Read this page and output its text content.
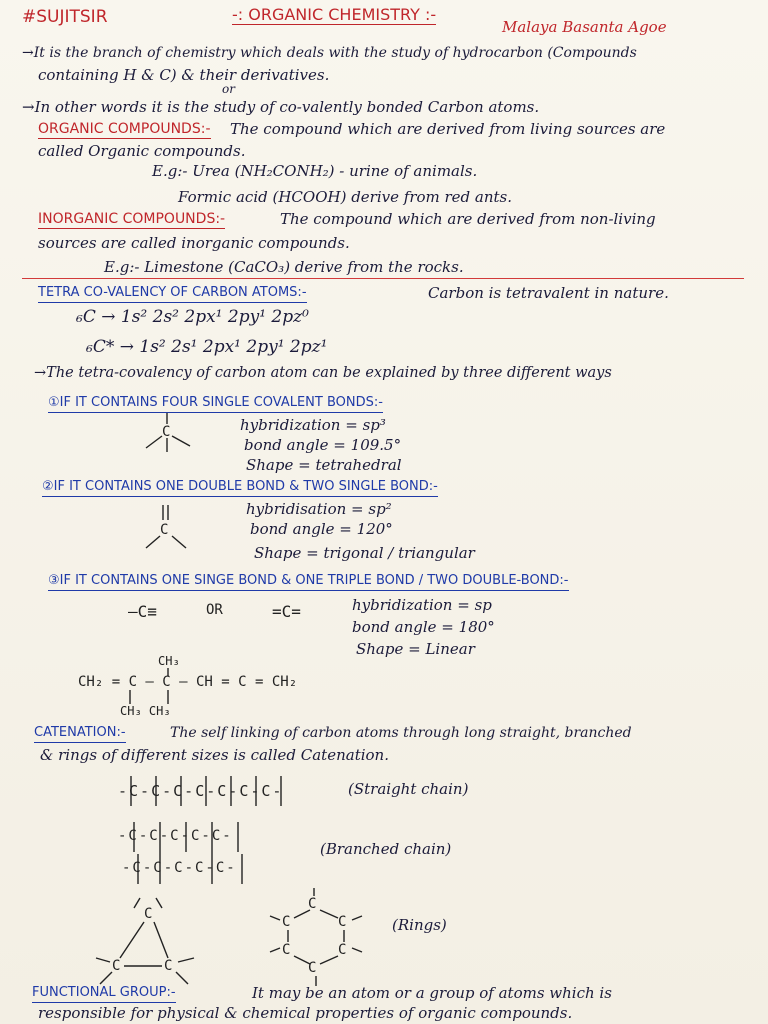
#SUJITSIR	-: ORGANIC CHEMISTRY :-
Malaya Basanta Agoe
→It is the branch of chemistry which deals with the study of hydrocarbon (Compounds
containing H & C) & their derivatives.
or
→In other words it is the study of co-valently bonded Carbon atoms.
ORGANIC COMPOUNDS:- The compound which are derived from living sources are
called Organic compounds.
E.g:- Urea (NH₂CONH₂) - urine of animals.
Formic acid (HCOOH) derive from red ants.
INORGANIC COMPOUNDS:-	The compound which are derived from non-living
sources are called inorganic compounds.
E.g:- Limestone (CaCO₃) derive from the rocks.
TETRA CO-VALENCY OF CARBON ATOMS:-	Carbon is tetravalent in nature.
₆C → 1s² 2s² 2px¹ 2py¹ 2pz⁰
₆C* → 1s² 2s¹ 2px¹ 2py¹ 2pz¹
→The tetra-covalency of carbon atom can be explained by three different ways
①IF IT CONTAINS FOUR SINGLE COVALENT BONDS:-
C	hybridization = sp³
bond angle = 109.5°
Shape = tetrahedral
②IF IT CONTAINS ONE DOUBLE BOND & TWO SINGLE BOND:-
C
hybridisation = sp²
bond angle = 120°
Shape = trigonal / triangular
③IF IT CONTAINS ONE SINGE BOND & ONE TRIPLE BOND / TWO DOUBLE-BOND:-
—C≡	OR	=C=	hybridization = sp
bond angle = 180°
Shape = Linear
CH₃
CH₂ = C — C — CH = C = CH₂
CH₃ CH₃
CATENATION:-	The self linking of carbon atoms through long straight, branched
& rings of different sizes is called Catenation.
-C-C-C-C-C-C-C-	(Straight chain)
-C-C-C-C-C-
-C-C-C-C-C-
(Branched chain)
C
C	C
C
C	C
C	C
C
(Rings)
FUNCTIONAL GROUP:-	It may be an atom or a group of atoms which is
responsible for physical & chemical properties of organic compounds.
